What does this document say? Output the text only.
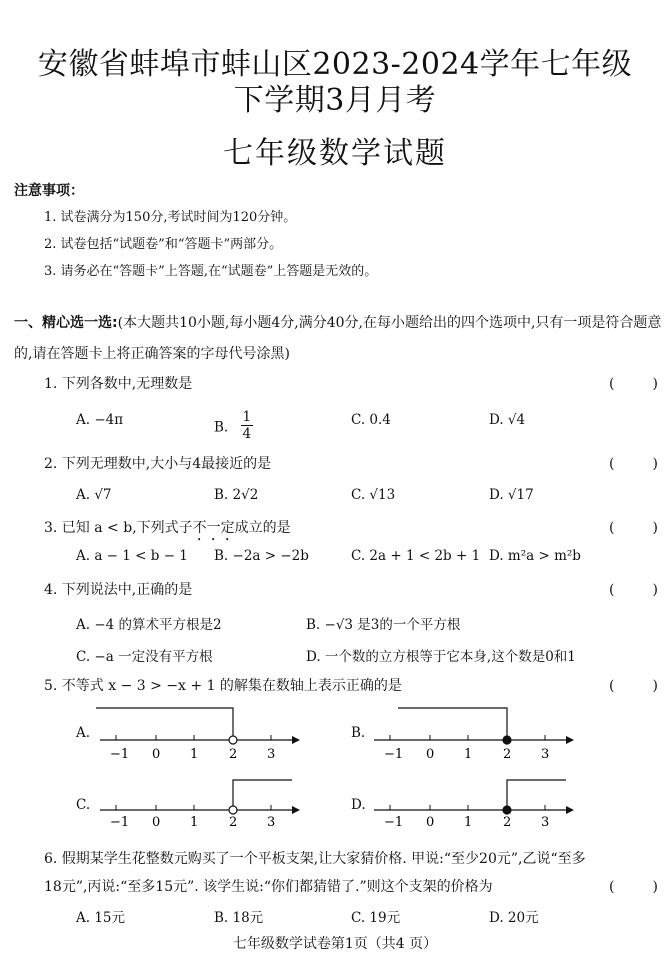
安徽省蚌埠市蚌山区2023-2024学年七年级
下学期3月月考
七年级数学试题
注意事项：
1. 试卷满分为150分,考试时间为120分钟。
2. 试卷包括“试题卷”和“答题卡”两部分。
3. 请务必在“答题卡”上答题,在“试题卷”上答题是无效的。
一、精心选一选:(本大题共10小题,每小题4分,满分40分,在每小题给出的四个选项中,只有一项是符合题意的,请在答题卡上将正确答案的字母代号涂黑)
1. 下列各数中,无理数是	(　)
A. −4π	B. $\frac{1}{4}$	C. 0.4	D. √4
2. 下列无理数中,大小与4最接近的是	(　)
A. √7	B. 2√2	C. √13	D. √17
3. 已知 a < b,下列式子不一定成立的是	(　)
A. a − 1 < b − 1 B. −2a > −2b	C. 2a + 1 < 2b + 1 D. m²a > m²b
4. 下列说法中,正确的是	(　)
A. −4 的算术平方根是2	B. −√3 是3的一个平方根
C. −a 一定没有平方根	D. 一个数的立方根等于它本身,这个数是0和1
5. 不等式 x − 3 > −x + 1 的解集在数轴上表示正确的是	(　)
A.
−1 0 1 2 3
B.
−1 0 1 2 3
C.
−1 0 1 2 3
D.
−1 0 1 2 3
6. 假期某学生花整数元购买了一个平板支架,让大家猜价格. 甲说:“至少20元”,乙说“至多
18元”,丙说:“至多15元”. 该学生说:“你们都猜错了.”则这个支架的价格为	(　)
A. 15元	B. 18元	C. 19元	D. 20元
七年级数学试卷第1页（共4 页）
